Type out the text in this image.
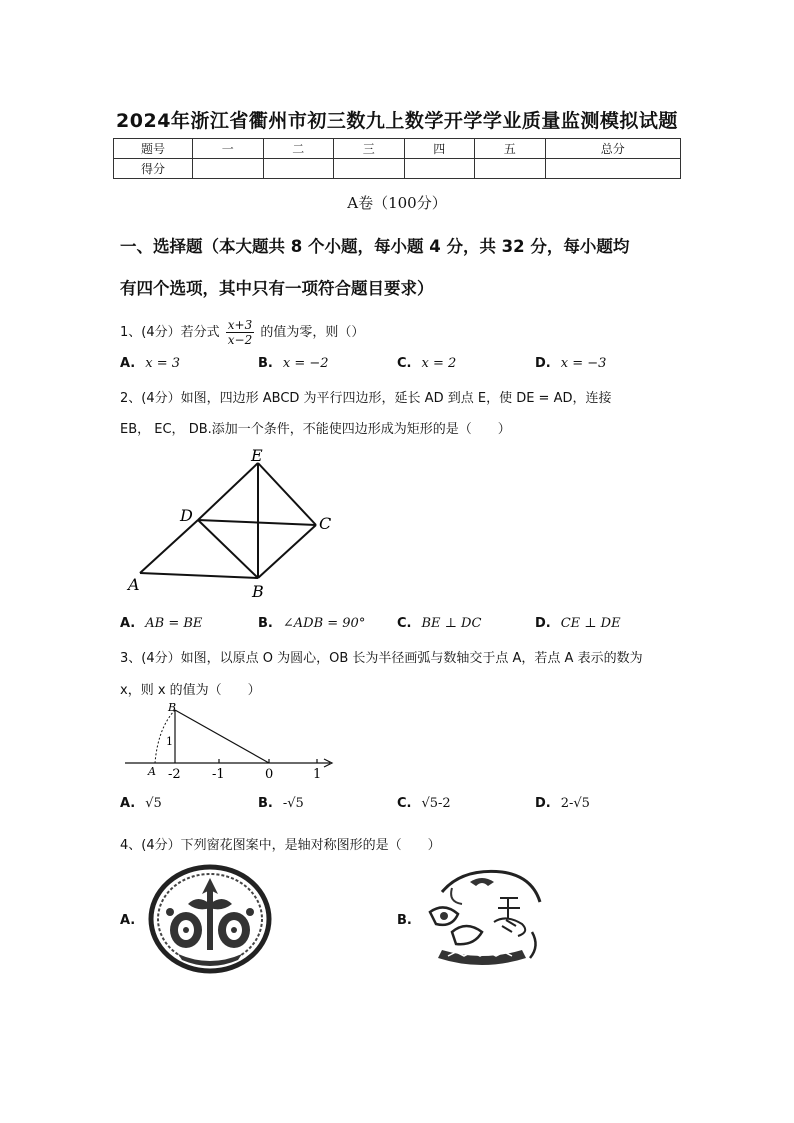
2024年浙江省衢州市初三数九上数学开学学业质量监测模拟试题
题号	一	二	三	四	五	总分
得分						
A卷（100分）
一、选择题（本大题共 8 个小题，每小题 4 分，共 32 分，每小题均
有四个选项，其中只有一项符合题目要求）
1、(4分）若分式 $\frac{x+3}{x-2}$ 的值为零，则（）
A. x = 3	B. x = −2	C. x = 2	D. x = −3
2、(4分）如图，四边形 ABCD 为平行四边形，延长 AD 到点 E，使 DE = AD，连接
EB， EC， DB.添加一个条件，不能使四边形成为矩形的是（　　）
A	B
C
D
E
A. AB = BE	B. ∠ADB = 90° C. BE ⊥ DC	D. CE ⊥ DE
3、(4分）如图，以原点 O 为圆心，OB 长为半径画弧与数轴交于点 A，若点 A 表示的数为
x，则 x 的值为（　　）
B
1
A -2 -1	0	1
A. √5	B. -√5	C. √5-2	D. 2-√5
4、(4分）下列窗花图案中，是轴对称图形的是（　　）
A.	B.
